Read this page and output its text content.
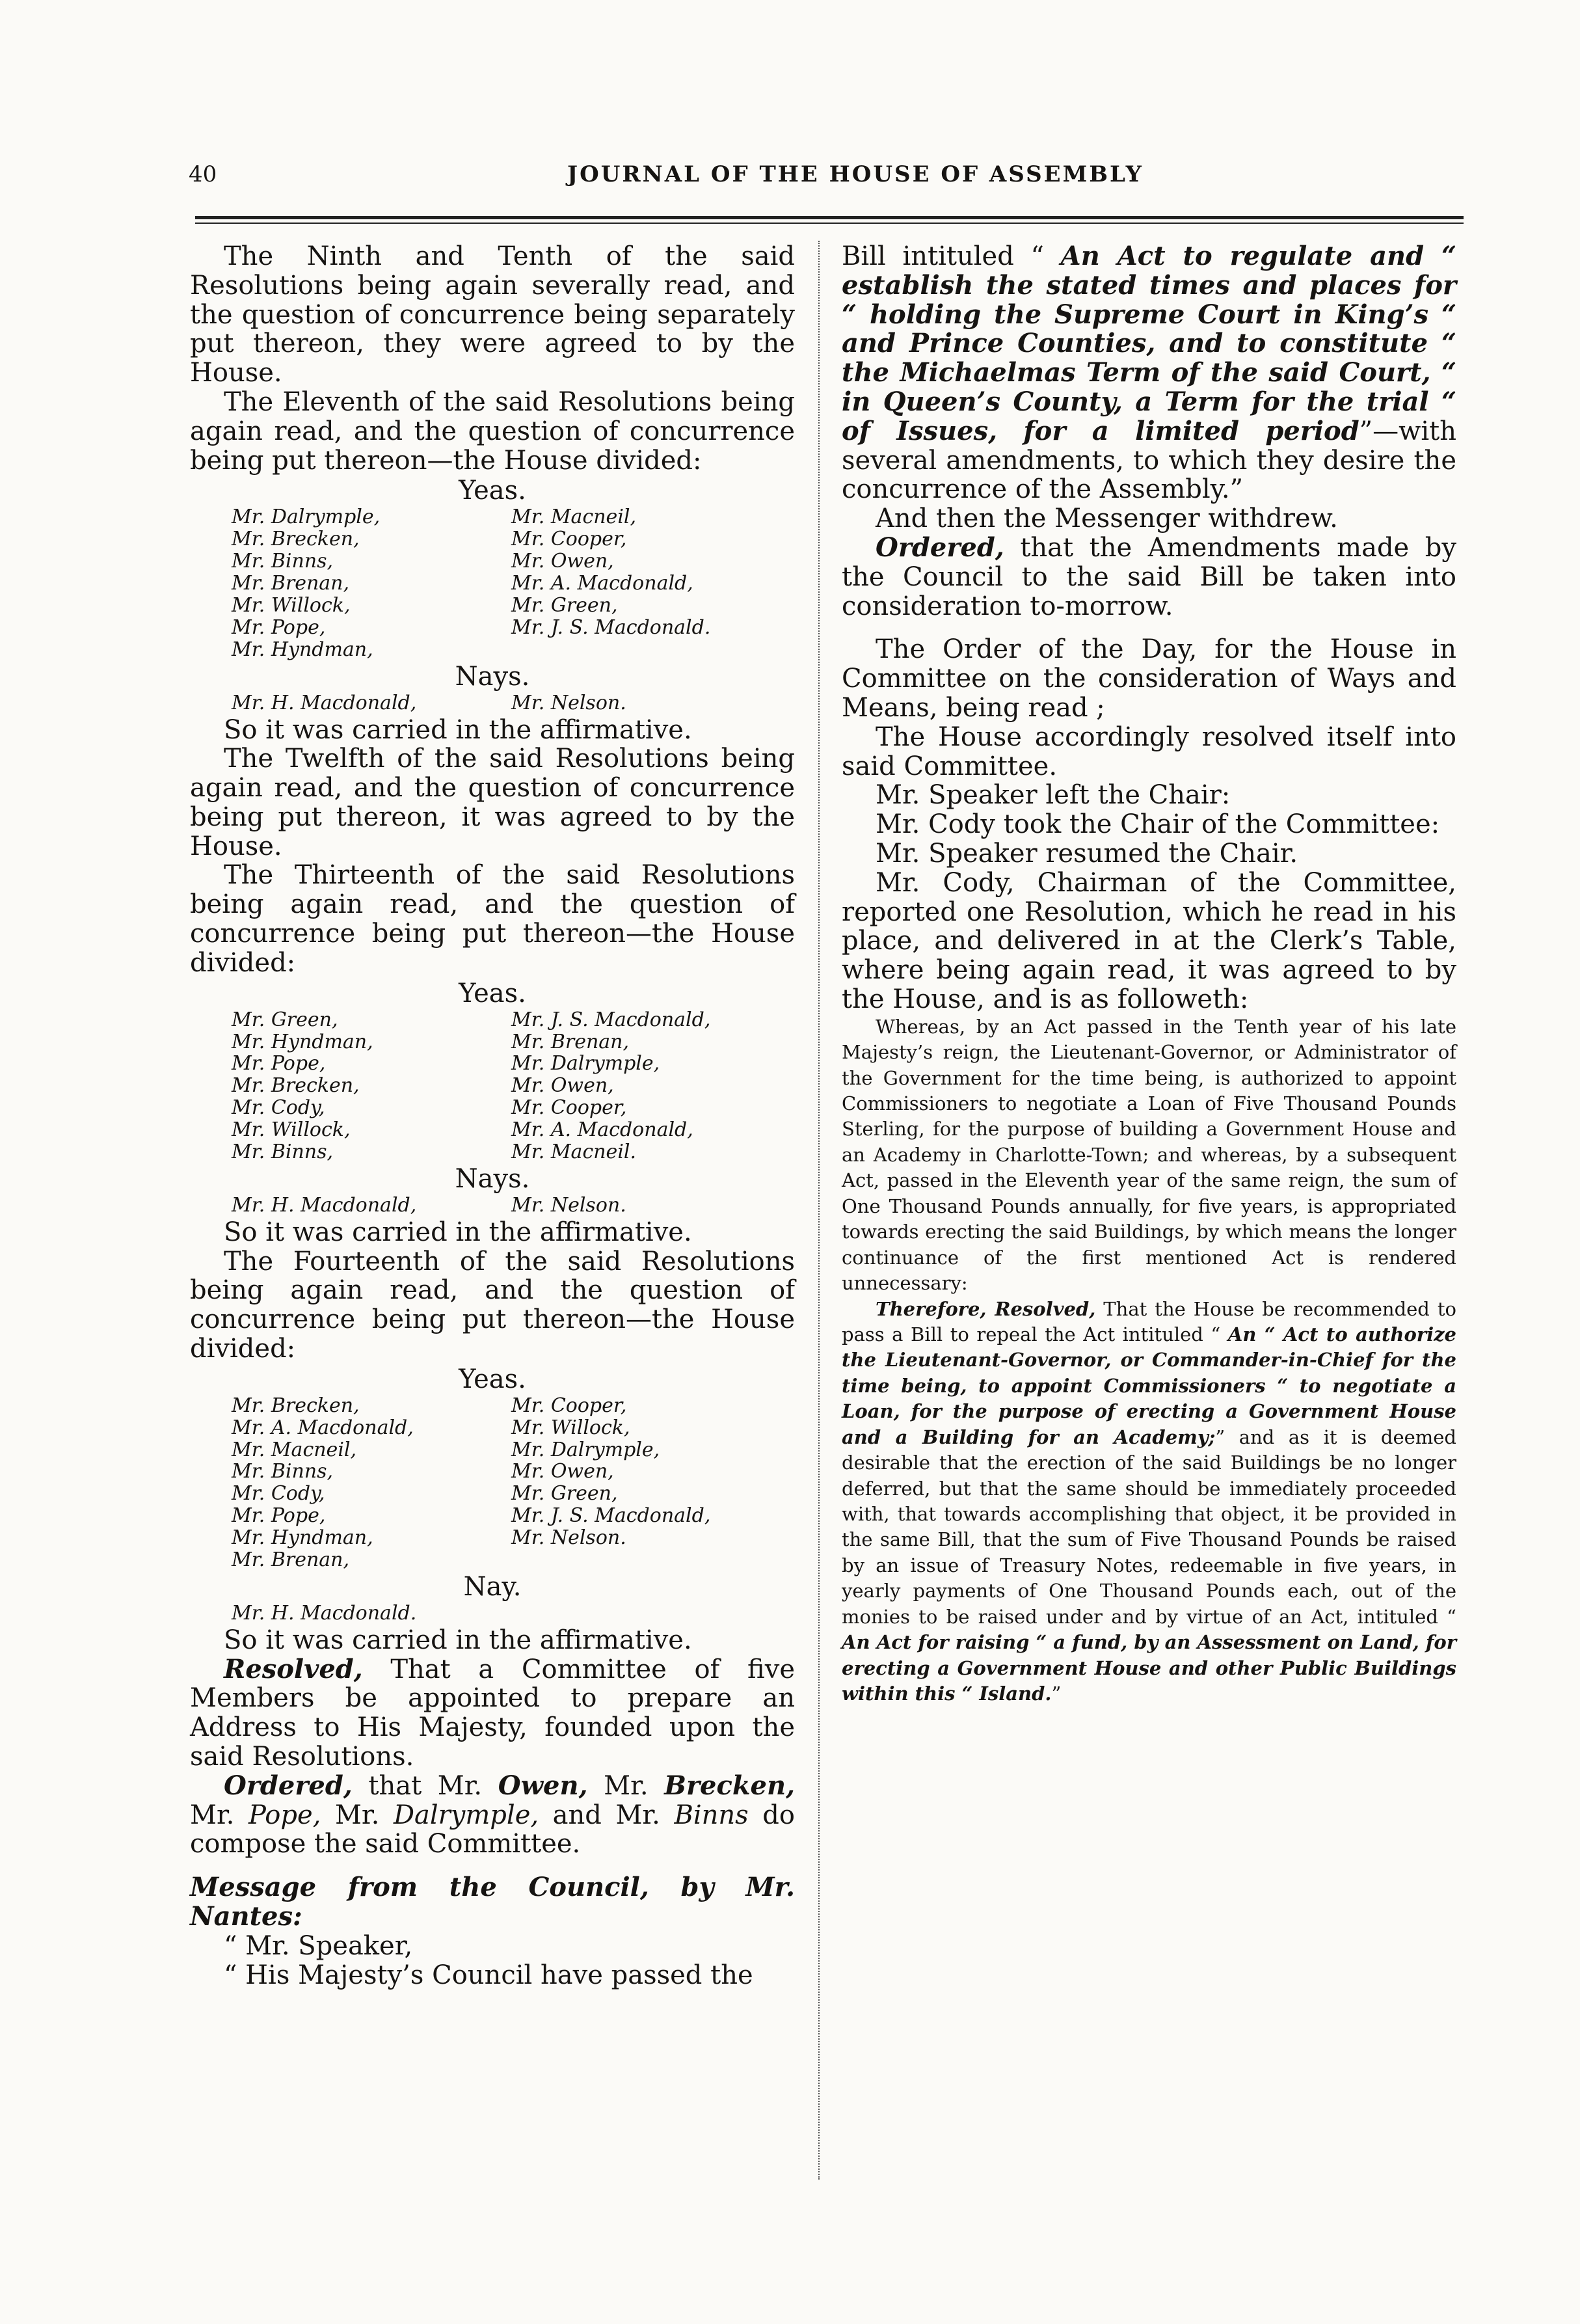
40	JOURNAL OF THE HOUSE OF ASSEMBLY

The Ninth and Tenth of the said Resolutions being again severally read, and the question of concurrence being separately put thereon, they were agreed to by the House.

The Eleventh of the said Resolutions being again read, and the question of concurrence being put thereon—the House divided:

Yeas.
Mr. Dalrymple,	Mr. Macneil,
Mr. Brecken,	Mr. Cooper,
Mr. Binns,	Mr. Owen,
Mr. Brenan,	Mr. A. Macdonald,
Mr. Willock,	Mr. Green,
Mr. Pope,	Mr. J. S. Macdonald.
Mr. Hyndman,
Nays.
Mr. H. Macdonald,	Mr. Nelson.

So it was carried in the affirmative.

The Twelfth of the said Resolutions being again read, and the question of concurrence being put thereon, it was agreed to by the House.

The Thirteenth of the said Resolutions being again read, and the question of concurrence being put thereon—the House divided:

Yeas.
Mr. Green,	Mr. J. S. Macdonald,
Mr. Hyndman,	Mr. Brenan,
Mr. Pope,	Mr. Dalrymple,
Mr. Brecken,	Mr. Owen,
Mr. Cody,	Mr. Cooper,
Mr. Willock,	Mr. A. Macdonald,
Mr. Binns,	Mr. Macneil.
Nays.
Mr. H. Macdonald,	Mr. Nelson.

So it was carried in the affirmative.

The Fourteenth of the said Resolutions being again read, and the question of concurrence being put thereon—the House divided:

Yeas.
Mr. Brecken,	Mr. Cooper,
Mr. A. Macdonald,	Mr. Willock,
Mr. Macneil,	Mr. Dalrymple,
Mr. Binns,	Mr. Owen,
Mr. Cody,	Mr. Green,
Mr. Pope,	Mr. J. S. Macdonald,
Mr. Hyndman,	Mr. Nelson.
Mr. Brenan,
Nay.
Mr. H. Macdonald.

So it was carried in the affirmative.

Resolved, That a Committee of five Members be appointed to prepare an Address to His Majesty, founded upon the said Resolutions.

Ordered, that Mr. Owen, Mr. Brecken, Mr. Pope, Mr. Dalrymple, and Mr. Binns do compose the said Committee.

Message from the Council, by Mr. Nantes:

“ Mr. Speaker,

“ His Majesty’s Council have passed the

Bill intituled “ An Act to regulate and “ establish the stated times and places for “ holding the Supreme Court in King’s “ and Prince Counties, and to constitute “ the Michaelmas Term of the said Court, “ in Queen’s County, a Term for the trial “ of Issues, for a limited period”—with several amendments, to which they desire the concurrence of the Assembly.”

And then the Messenger withdrew.

Ordered, that the Amendments made by the Council to the said Bill be taken into consideration to-morrow.

The Order of the Day, for the House in Committee on the consideration of Ways and Means, being read ;

The House accordingly resolved itself into said Committee.

Mr. Speaker left the Chair:

Mr. Cody took the Chair of the Committee:

Mr. Speaker resumed the Chair.

Mr. Cody, Chairman of the Committee, reported one Resolution, which he read in his place, and delivered in at the Clerk’s Table, where being again read, it was agreed to by the House, and is as followeth:

Whereas, by an Act passed in the Tenth year of his late Majesty’s reign, the Lieutenant-Governor, or Administrator of the Government for the time being, is authorized to appoint Commissioners to negotiate a Loan of Five Thousand Pounds Sterling, for the purpose of building a Government House and an Academy in Charlotte-Town; and whereas, by a subsequent Act, passed in the Eleventh year of the same reign, the sum of One Thousand Pounds annually, for five years, is appropriated towards erecting the said Buildings, by which means the longer continuance of the first mentioned Act is rendered unnecessary:

Therefore, Resolved, That the House be recommended to pass a Bill to repeal the Act intituled “ An “ Act to authorize the Lieutenant-Governor, or Commander-in-Chief for the time being, to appoint Commissioners “ to negotiate a Loan, for the purpose of erecting a Government House and a Building for an Academy;” and as it is deemed desirable that the erection of the said Buildings be no longer deferred, but that the same should be immediately proceeded with, that towards accomplishing that object, it be provided in the same Bill, that the sum of Five Thousand Pounds be raised by an issue of Treasury Notes, redeemable in five years, in yearly payments of One Thousand Pounds each, out of the monies to be raised under and by virtue of an Act, intituled “ An Act for raising “ a fund, by an Assessment on Land, for erecting a Government House and other Public Buildings within this “ Island.”
